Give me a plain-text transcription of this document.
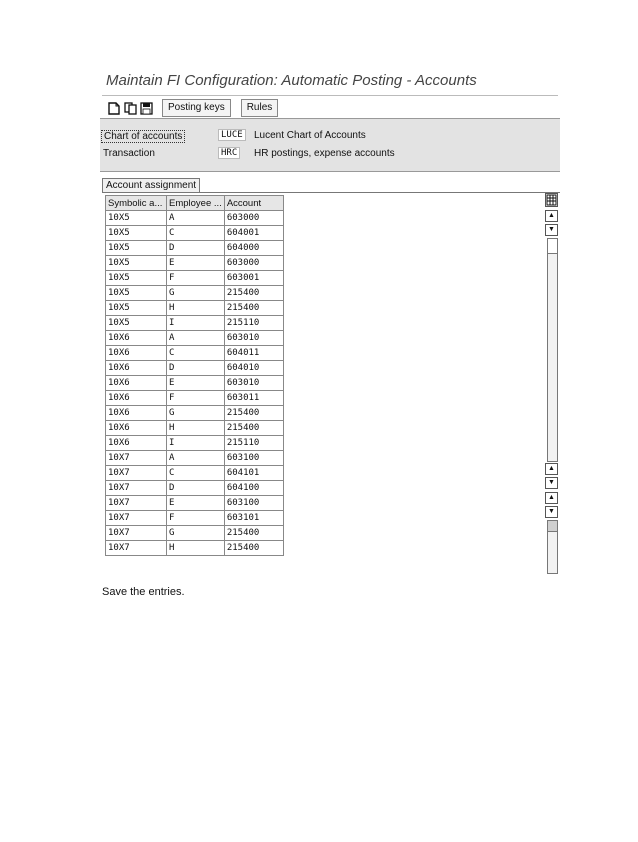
Maintain FI Configuration: Automatic Posting - Accounts
Posting keys	Rules
Chart of accounts	LUCE	Lucent Chart of Accounts
Transaction	HRC	HR postings, expense accounts
Account assignment
Symbolic a...	Employee ...	Account
10X5	A	603000
10X5	C	604001
10X5	D	604000
10X5	E	603000
10X5	F	603001
10X5	G	215400
10X5	H	215400
10X5	I	215110
10X6	A	603010
10X6	C	604011
10X6	D	604010
10X6	E	603010
10X6	F	603011
10X6	G	215400
10X6	H	215400
10X6	I	215110
10X7	A	603100
10X7	C	604101
10X7	D	604100
10X7	E	603100
10X7	F	603101
10X7	G	215400
10X7	H	215400
▲
▼
▲
▼
▲
▼
Save the entries.
